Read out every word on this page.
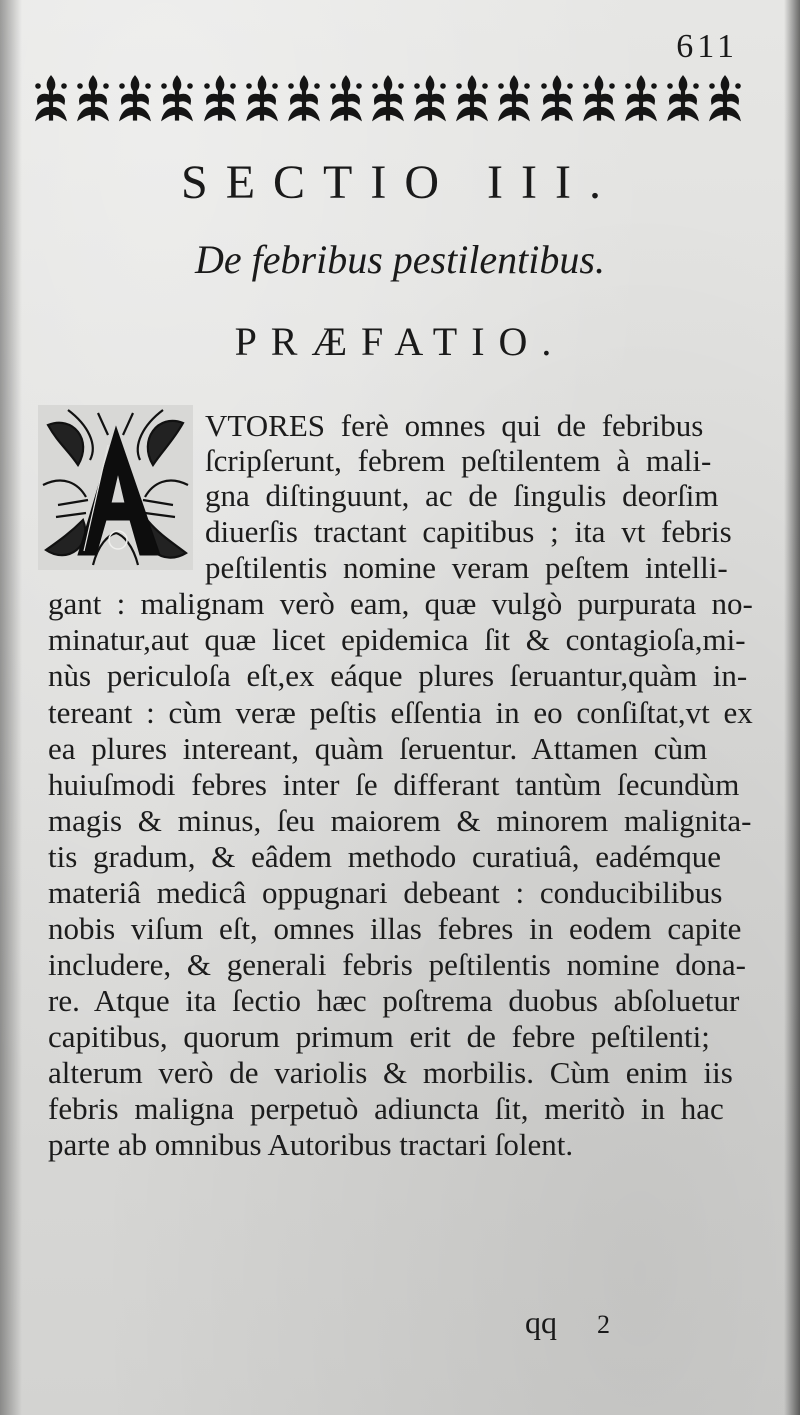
611
SECTIO III.
De febribus pestilentibus.
PRÆFATIO.
VTORES ferè omnes qui de febribus
ſcripſerunt, febrem peſtilentem à mali-
gna diſtinguunt, ac de ſingulis deorſim
diuerſis tractant capitibus ; ita vt febris
peſtilentis nomine veram peſtem intelli-
gant : malignam verò eam, quæ vulgò purpurata no-
minatur,aut quæ licet epidemica ſit & contagioſa,mi-
nùs periculoſa eſt,ex eáque plures ſeruantur,quàm in-
tereant : cùm veræ peſtis eſſentia in eo conſiſtat,vt ex
ea plures intereant, quàm ſeruentur. Attamen cùm
huiuſmodi febres inter ſe differant tantùm ſecundùm
magis & minus, ſeu maiorem & minorem malignita-
tis gradum, & eâdem methodo curatiuâ, eadémque
materiâ medicâ oppugnari debeant : conducibilibus
nobis viſum eſt, omnes illas febres in eodem capite
includere, & generali febris peſtilentis nomine dona-
re. Atque ita ſectio hæc poſtrema duobus abſoluetur
capitibus, quorum primum erit de febre peſtilenti;
alterum verò de variolis & morbilis. Cùm enim iis
febris maligna perpetuò adiuncta ſit, meritò in hac
parte ab omnibus Autoribus tractari ſolent.
qq 2
